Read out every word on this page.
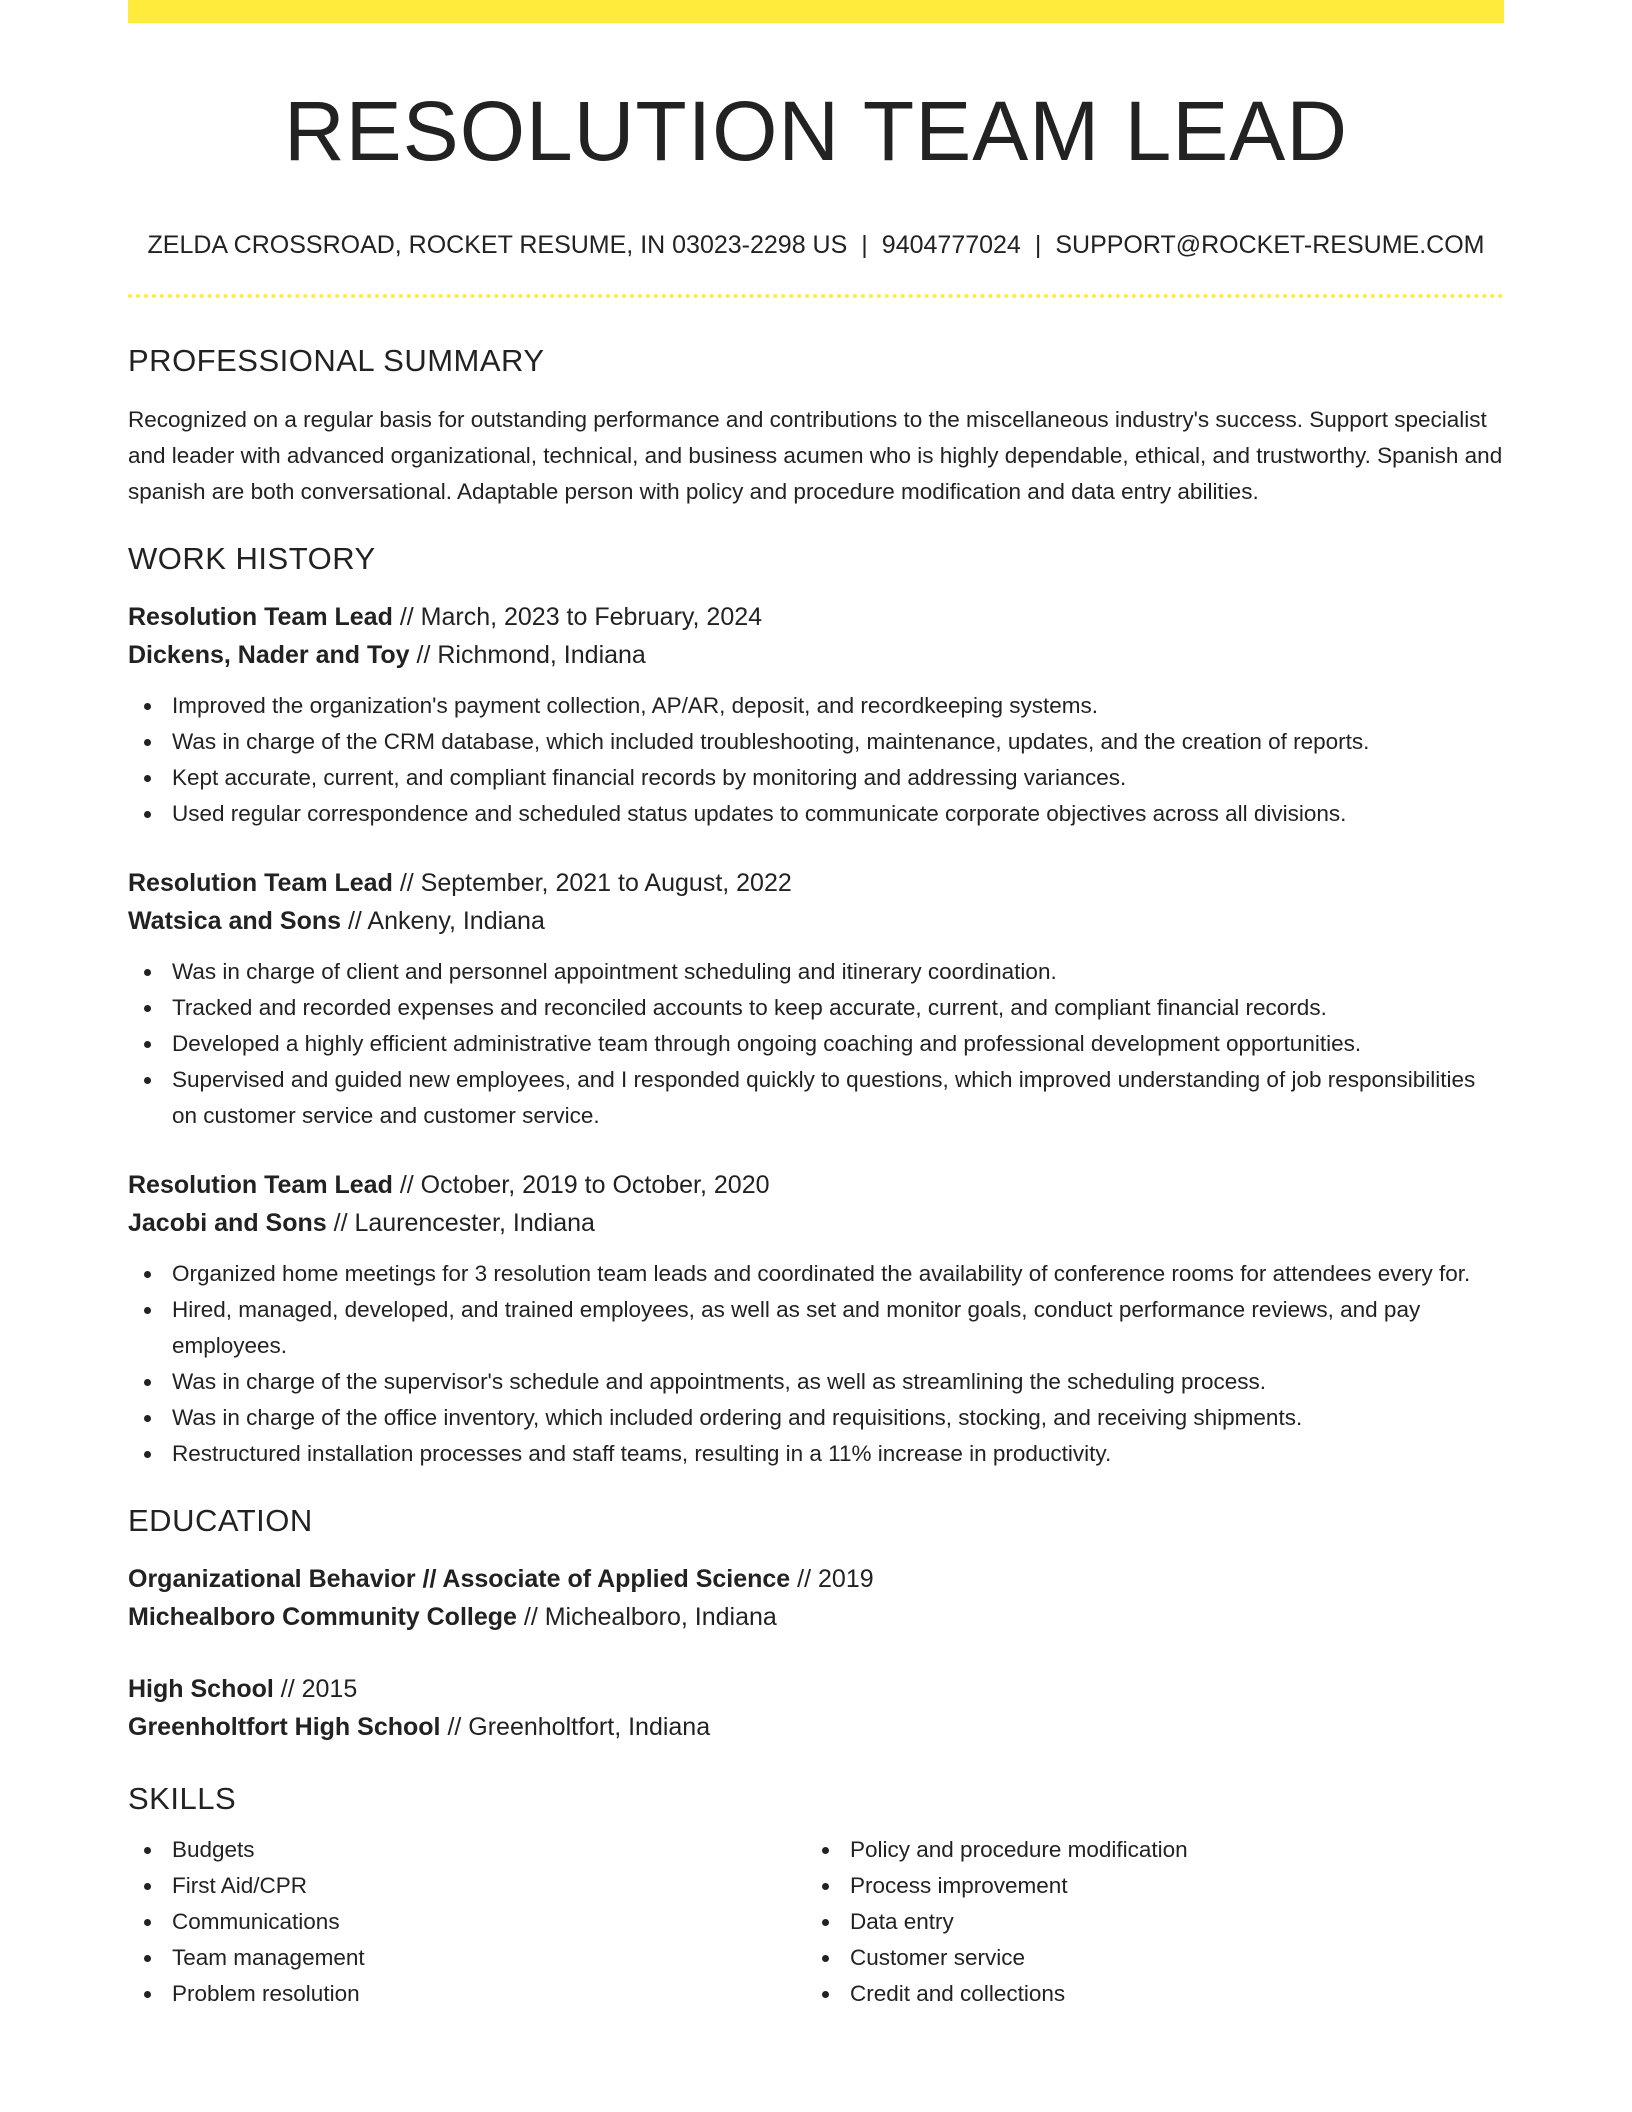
RESOLUTION TEAM LEAD
ZELDA CROSSROAD, ROCKET RESUME, IN 03023-2298 US | 9404777024 | SUPPORT@ROCKET-RESUME.COM
PROFESSIONAL SUMMARY

Recognized on a regular basis for outstanding performance and contributions to the miscellaneous industry's success. Support specialist and leader with advanced organizational, technical, and business acumen who is highly dependable, ethical, and trustworthy. Spanish and spanish are both conversational. Adaptable person with policy and procedure modification and data entry abilities.

WORK HISTORY
Resolution Team Lead // March, 2023 to February, 2024
Dickens, Nader and Toy // Richmond, Indiana
Improved the organization's payment collection, AP/AR, deposit, and recordkeeping systems.
Was in charge of the CRM database, which included troubleshooting, maintenance, updates, and the creation of reports.
Kept accurate, current, and compliant financial records by monitoring and addressing variances.
Used regular correspondence and scheduled status updates to communicate corporate objectives across all divisions.
Resolution Team Lead // September, 2021 to August, 2022
Watsica and Sons // Ankeny, Indiana
Was in charge of client and personnel appointment scheduling and itinerary coordination.
Tracked and recorded expenses and reconciled accounts to keep accurate, current, and compliant financial records.
Developed a highly efficient administrative team through ongoing coaching and professional development opportunities.
Supervised and guided new employees, and I responded quickly to questions, which improved understanding of job responsibilities on customer service and customer service.
Resolution Team Lead // October, 2019 to October, 2020
Jacobi and Sons // Laurencester, Indiana
Organized home meetings for 3 resolution team leads and coordinated the availability of conference rooms for attendees every for.
Hired, managed, developed, and trained employees, as well as set and monitor goals, conduct performance reviews, and pay employees.
Was in charge of the supervisor's schedule and appointments, as well as streamlining the scheduling process.
Was in charge of the office inventory, which included ordering and requisitions, stocking, and receiving shipments.
Restructured installation processes and staff teams, resulting in a 11% increase in productivity.
EDUCATION
Organizational Behavior // Associate of Applied Science // 2019
Michealboro Community College // Michealboro, Indiana
High School // 2015
Greenholtfort High School // Greenholtfort, Indiana
SKILLS
Budgets
First Aid/CPR
Communications
Team management
Problem resolution
Policy and procedure modification
Process improvement
Data entry
Customer service
Credit and collections
